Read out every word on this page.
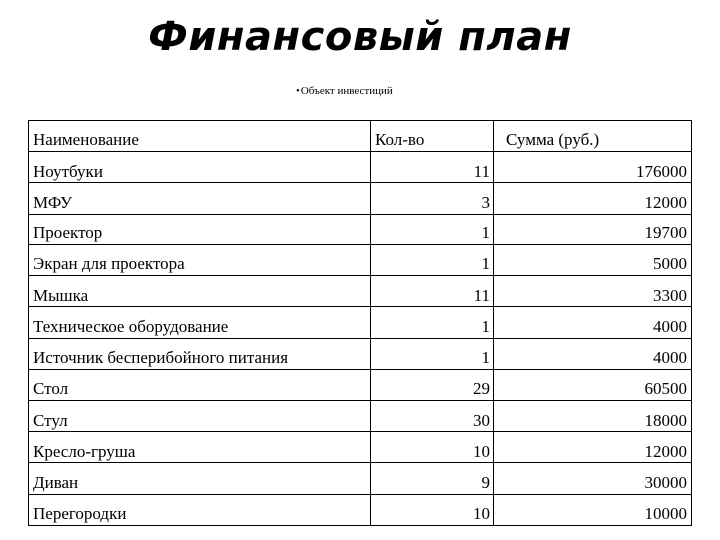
Финансовый план
•Объект инвестиций
Наименование	Кол-во	Сумма (руб.)
Ноутбуки	11	176000
МФУ	3	12000
Проектор	1	19700
Экран для проектора	1	5000
Мышка	11	3300
Техническое оборудование	1	4000
Источник бесперибойного питания	1	4000
Стол	29	60500
Стул	30	18000
Кресло-груша	10	12000
Диван	9	30000
Перегородки	10	10000
